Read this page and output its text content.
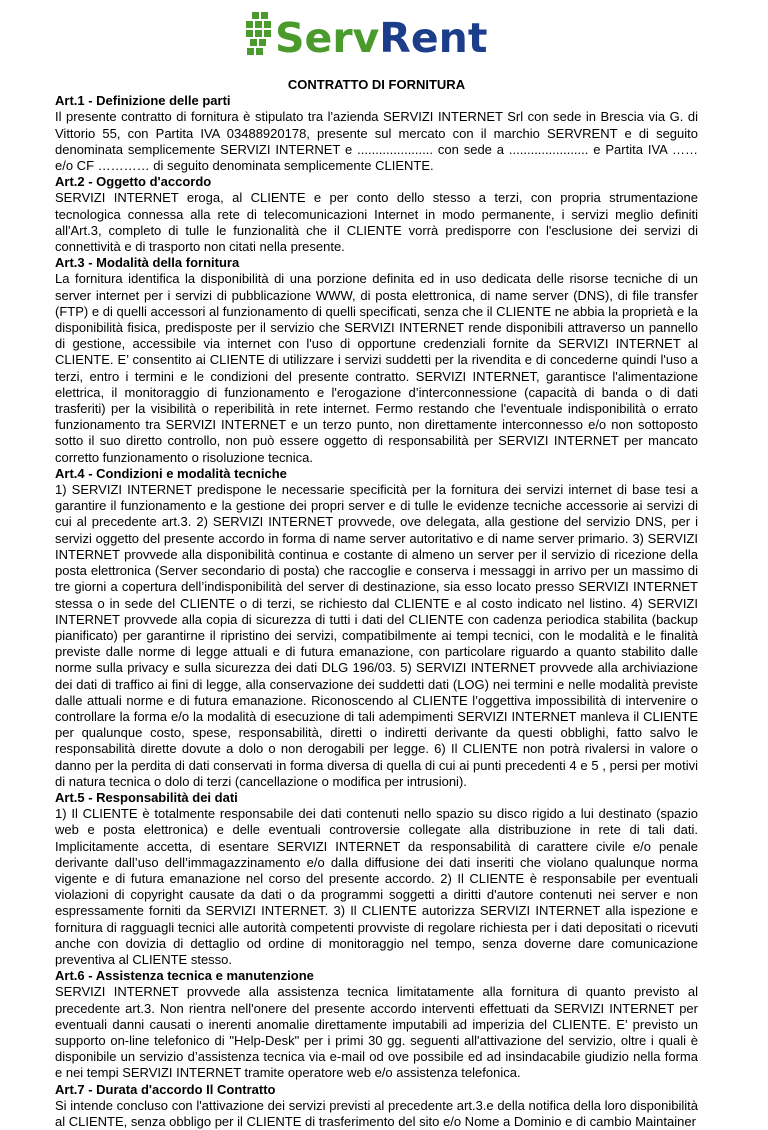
ServRent

CONTRATTO DI FORNITURA

Art.1 - Definizione delle parti

Il presente contratto di fornitura è stipulato tra l'azienda SERVIZI INTERNET Srl con sede in Brescia via G. di Vittorio 55, con Partita IVA 03488920178, presente sul mercato con il marchio SERVRENT e di seguito denominata semplicemente SERVIZI INTERNET e ..................... con sede a ...................... e Partita IVA …… e/o CF ………… di seguito denominata semplicemente CLIENTE.

Art.2 - Oggetto d'accordo

SERVIZI INTERNET eroga, al CLIENTE e per conto dello stesso a terzi, con propria strumentazione tecnologica connessa alla rete di telecomunicazioni Internet in modo permanente, i servizi meglio definiti all'Art.3, completo di tulle le funzionalità che il CLIENTE vorrà predisporre con l'esclusione dei servizi di connettività e di trasporto non citati nella presente.

Art.3 - Modalità della fornitura

La fornitura identifica la disponibilità di una porzione definita ed in uso dedicata delle risorse tecniche di un server internet per i servizi di pubblicazione WWW, di posta elettronica, di name server (DNS), di file transfer (FTP) e di quelli accessori al funzionamento di quelli specificati, senza che il CLIENTE ne abbia la proprietà e la disponibilità fisica, predisposte per il servizio che SERVIZI INTERNET rende disponibili attraverso un pannello di gestione, accessibile via internet con l'uso di opportune credenziali fornite da SERVIZI INTERNET al CLIENTE. E’ consentito ai CLIENTE di utilizzare i servizi suddetti per la rivendita e di concederne quindi l'uso a terzi, entro i termini e le condizioni del presente contratto. SERVIZI INTERNET, garantisce l'alimentazione elettrica, il monitoraggio di funzionamento e l'erogazione d’interconnessione (capacità di banda o di dati trasferiti) per la visibilità o reperibilità in rete internet. Fermo restando che l'eventuale indisponibilità o errato funzionamento tra SERVIZI INTERNET e un terzo punto, non direttamente interconnesso e/o non sottoposto sotto il suo diretto controllo, non può essere oggetto di responsabilità per SERVIZI INTERNET per mancato corretto funzionamento o risoluzione tecnica.

Art.4 - Condizioni e modalità tecniche

1) SERVIZI INTERNET predispone le necessarie specificità per la fornitura dei servizi internet di base tesi a garantire il funzionamento e la gestione dei propri server e di tulle le evidenze tecniche accessorie ai servizi di cui al precedente art.3. 2) SERVIZI INTERNET provvede, ove delegata, alla gestione del servizio DNS, per i servizi oggetto del presente accordo in forma di name server autoritativo e di name server primario. 3) SERVIZI INTERNET provvede alla disponibilità continua e costante di almeno un server per il servizio di ricezione della posta elettronica (Server secondario di posta) che raccoglie e conserva i messaggi in arrivo per un massimo di tre giorni a copertura dell’indisponibilità del server di destinazione, sia esso locato presso SERVIZI INTERNET stessa o in sede del CLIENTE o di terzi, se richiesto dal CLIENTE e al costo indicato nel listino. 4) SERVIZI INTERNET provvede alla copia di sicurezza di tutti i dati del CLIENTE con cadenza periodica stabilita (backup pianificato) per garantirne il ripristino dei servizi, compatibilmente ai tempi tecnici, con le modalità e le finalità previste dalle norme di legge attuali e di futura emanazione, con particolare riguardo a quanto stabilito dalle norme sulla privacy e sulla sicurezza dei dati DLG 196/03. 5) SERVIZI INTERNET provvede alla archiviazione dei dati di traffico ai fini di legge, alla conservazione dei suddetti dati (LOG) nei termini e nelle modalità previste dalle attuali norme e di futura emanazione. Riconoscendo al CLIENTE l’oggettiva impossibilità di intervenire o controllare la forma e/o la modalità di esecuzione di tali adempimenti SERVIZI INTERNET manleva il CLIENTE per qualunque costo, spese, responsabilità, diretti o indiretti derivante da questi obblighi, fatto salvo le responsabilità dirette dovute a dolo o non derogabili per legge. 6) Il CLIENTE non potrà rivalersi in valore o danno per la perdita di dati conservati in forma diversa di quella di cui ai punti precedenti 4 e 5 , persi per motivi di natura tecnica o dolo di terzi (cancellazione o modifica per intrusioni).

Art.5 - Responsabilità dei dati

1) Il CLIENTE è totalmente responsabile dei dati contenuti nello spazio su disco rigido a lui destinato (spazio web e posta elettronica) e delle eventuali controversie collegate alla distribuzione in rete di tali dati. Implicitamente accetta, di esentare SERVIZI INTERNET da responsabilità di carattere civile e/o penale derivante dall’uso dell’immagazzinamento e/o dalla diffusione dei dati inseriti che violano qualunque norma vigente e di futura emanazione nel corso del presente accordo. 2) Il CLIENTE è responsabile per eventuali violazioni di copyright causate da dati o da programmi soggetti a diritti d'autore contenuti nei server e non espressamente forniti da SERVIZI INTERNET. 3) Il CLIENTE autorizza SERVIZI INTERNET alla ispezione e fornitura di ragguagli tecnici alle autorità competenti provviste di regolare richiesta per i dati depositati o ricevuti anche con dovizia di dettaglio od ordine di monitoraggio nel tempo, senza doverne dare comunicazione preventiva al CLIENTE stesso.

Art.6 - Assistenza tecnica e manutenzione

SERVIZI INTERNET provvede alla assistenza tecnica limitatamente alla fornitura di quanto previsto al precedente art.3. Non rientra nell'onere del presente accordo interventi effettuati da SERVIZI INTERNET per eventuali danni causati o inerenti anomalie direttamente imputabili ad imperizia del CLIENTE. E’ previsto un supporto on-line telefonico di "Help-Desk" per i primi 30 gg. seguenti all'attivazione del servizio, oltre i quali è disponibile un servizio d’assistenza tecnica via e-mail od ove possibile ed ad insindacabile giudizio nella forma e nei tempi SERVIZI INTERNET tramite operatore web e/o assistenza telefonica.

Art.7 - Durata d'accordo Il Contratto

Si intende concluso con l'attivazione dei servizi previsti al precedente art.3.e della notifica della loro disponibilità al CLIENTE, senza obbligo per il CLIENTE di trasferimento del sito e/o Nome a Dominio e di cambio Maintainer
